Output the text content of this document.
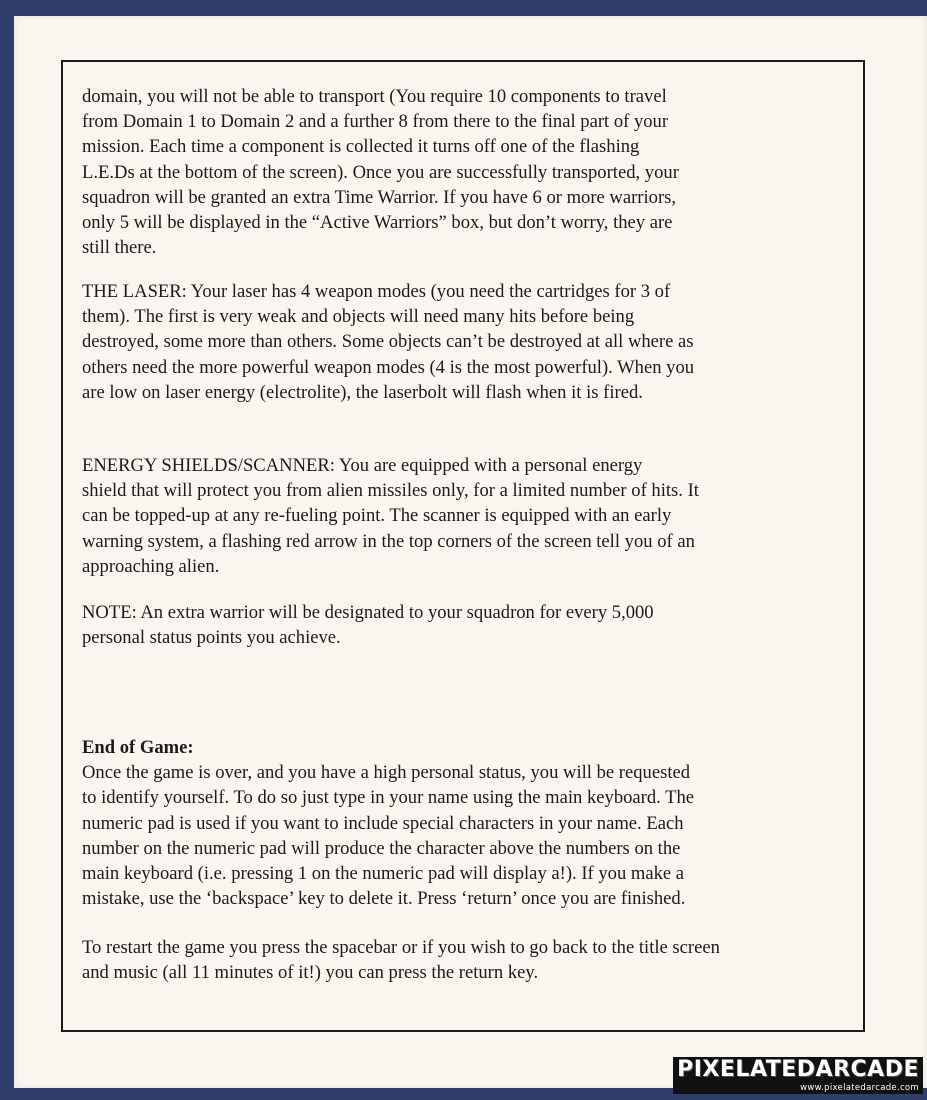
domain, you will not be able to transport (You require 10 components to travel
from Domain 1 to Domain 2 and a further 8 from there to the final part of your
mission. Each time a component is collected it turns off one of the flashing
L.E.Ds at the bottom of the screen). Once you are successfully transported, your
squadron will be granted an extra Time Warrior. If you have 6 or more warriors,
only 5 will be displayed in the “Active Warriors” box, but don’t worry, they are
still there.
THE LASER: Your laser has 4 weapon modes (you need the cartridges for 3 of
them). The first is very weak and objects will need many hits before being
destroyed, some more than others. Some objects can’t be destroyed at all where as
others need the more powerful weapon modes (4 is the most powerful). When you
are low on laser energy (electrolite), the laserbolt will flash when it is fired.
ENERGY SHIELDS/SCANNER: You are equipped with a personal energy
shield that will protect you from alien missiles only, for a limited number of hits. It
can be topped-up at any re-fueling point. The scanner is equipped with an early
warning system, a flashing red arrow in the top corners of the screen tell you of an
approaching alien.
NOTE: An extra warrior will be designated to your squadron for every 5,000
personal status points you achieve.
End of Game:
Once the game is over, and you have a high personal status, you will be requested
to identify yourself. To do so just type in your name using the main keyboard. The
numeric pad is used if you want to include special characters in your name. Each
number on the numeric pad will produce the character above the numbers on the
main keyboard (i.e. pressing 1 on the numeric pad will display a!). If you make a
mistake, use the ‘backspace’ key to delete it. Press ‘return’ once you are finished.
To restart the game you press the spacebar or if you wish to go back to the title screen
and music (all 11 minutes of it!) you can press the return key.
PIXELATEDARCADE
www.pixelatedarcade.com
